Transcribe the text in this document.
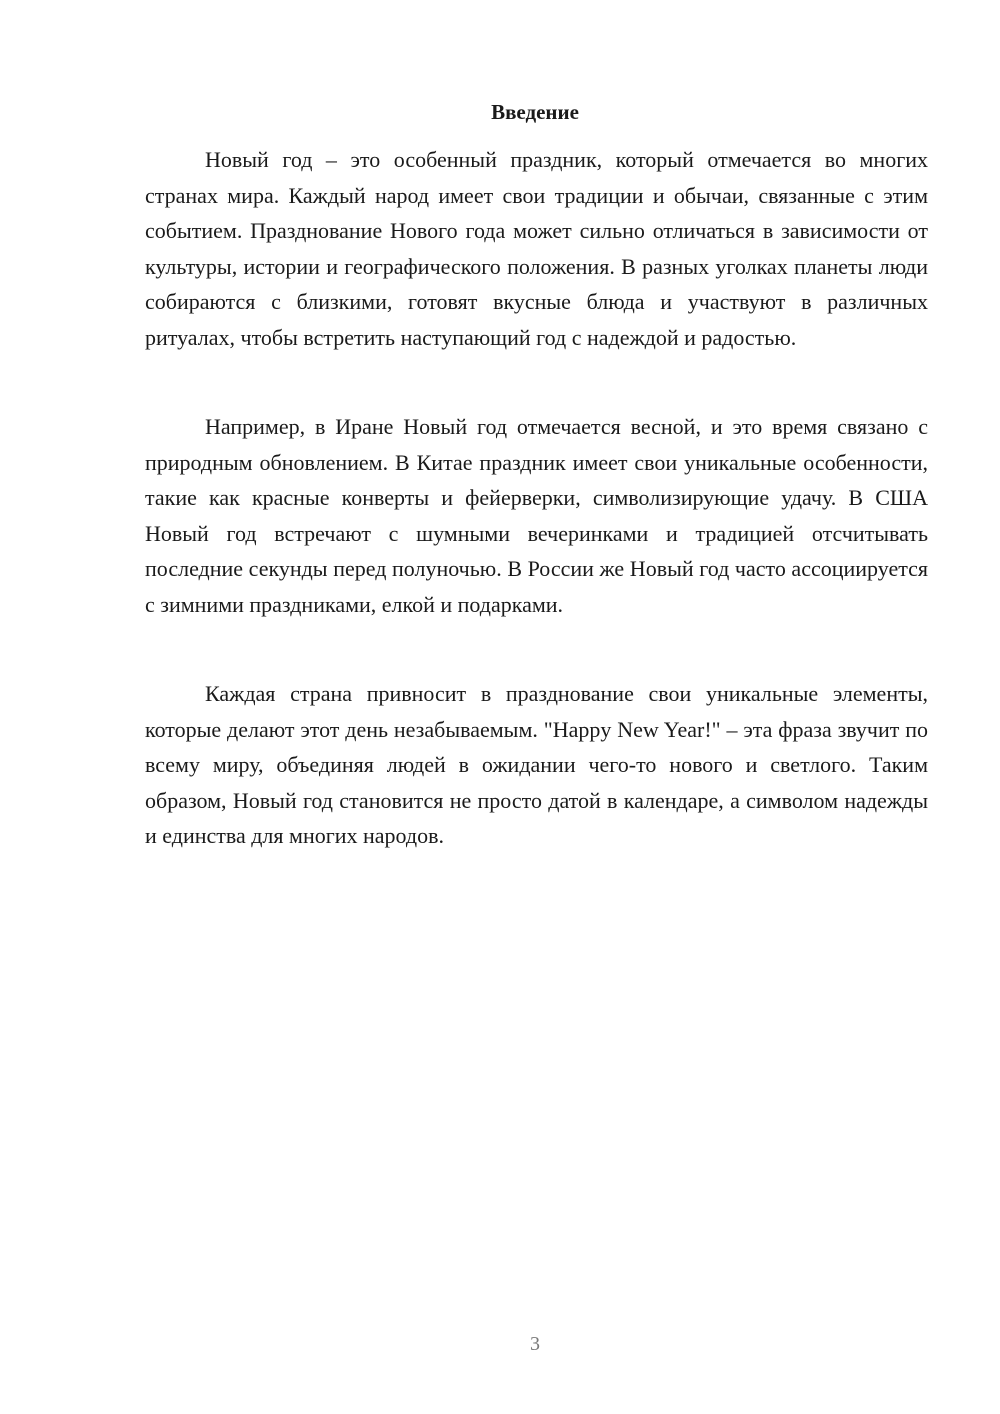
Введение

Новый год – это особенный праздник, который отмечается во многих странах мира. Каждый народ имеет свои традиции и обычаи, связанные с этим событием. Празднование Нового года может сильно отличаться в зависимости от культуры, истории и географического положения. В разных уголках планеты люди собираются с близкими, готовят вкусные блюда и участвуют в различных ритуалах, чтобы встретить наступающий год с надеждой и радостью.

Например, в Иране Новый год отмечается весной, и это время связано с природным обновлением. В Китае праздник имеет свои уникальные особенности, такие как красные конверты и фейерверки, символизирующие удачу. В США Новый год встречают с шумными вечеринками и традицией отсчитывать последние секунды перед полуночью. В России же Новый год часто ассоциируется с зимними праздниками, елкой и подарками.

Каждая страна привносит в празднование свои уникальные элементы, которые делают этот день незабываемым. "Happy New Year!" – эта фраза звучит по всему миру, объединяя людей в ожидании чего-то нового и светлого. Таким образом, Новый год становится не просто датой в календаре, а символом надежды и единства для многих народов.

3
